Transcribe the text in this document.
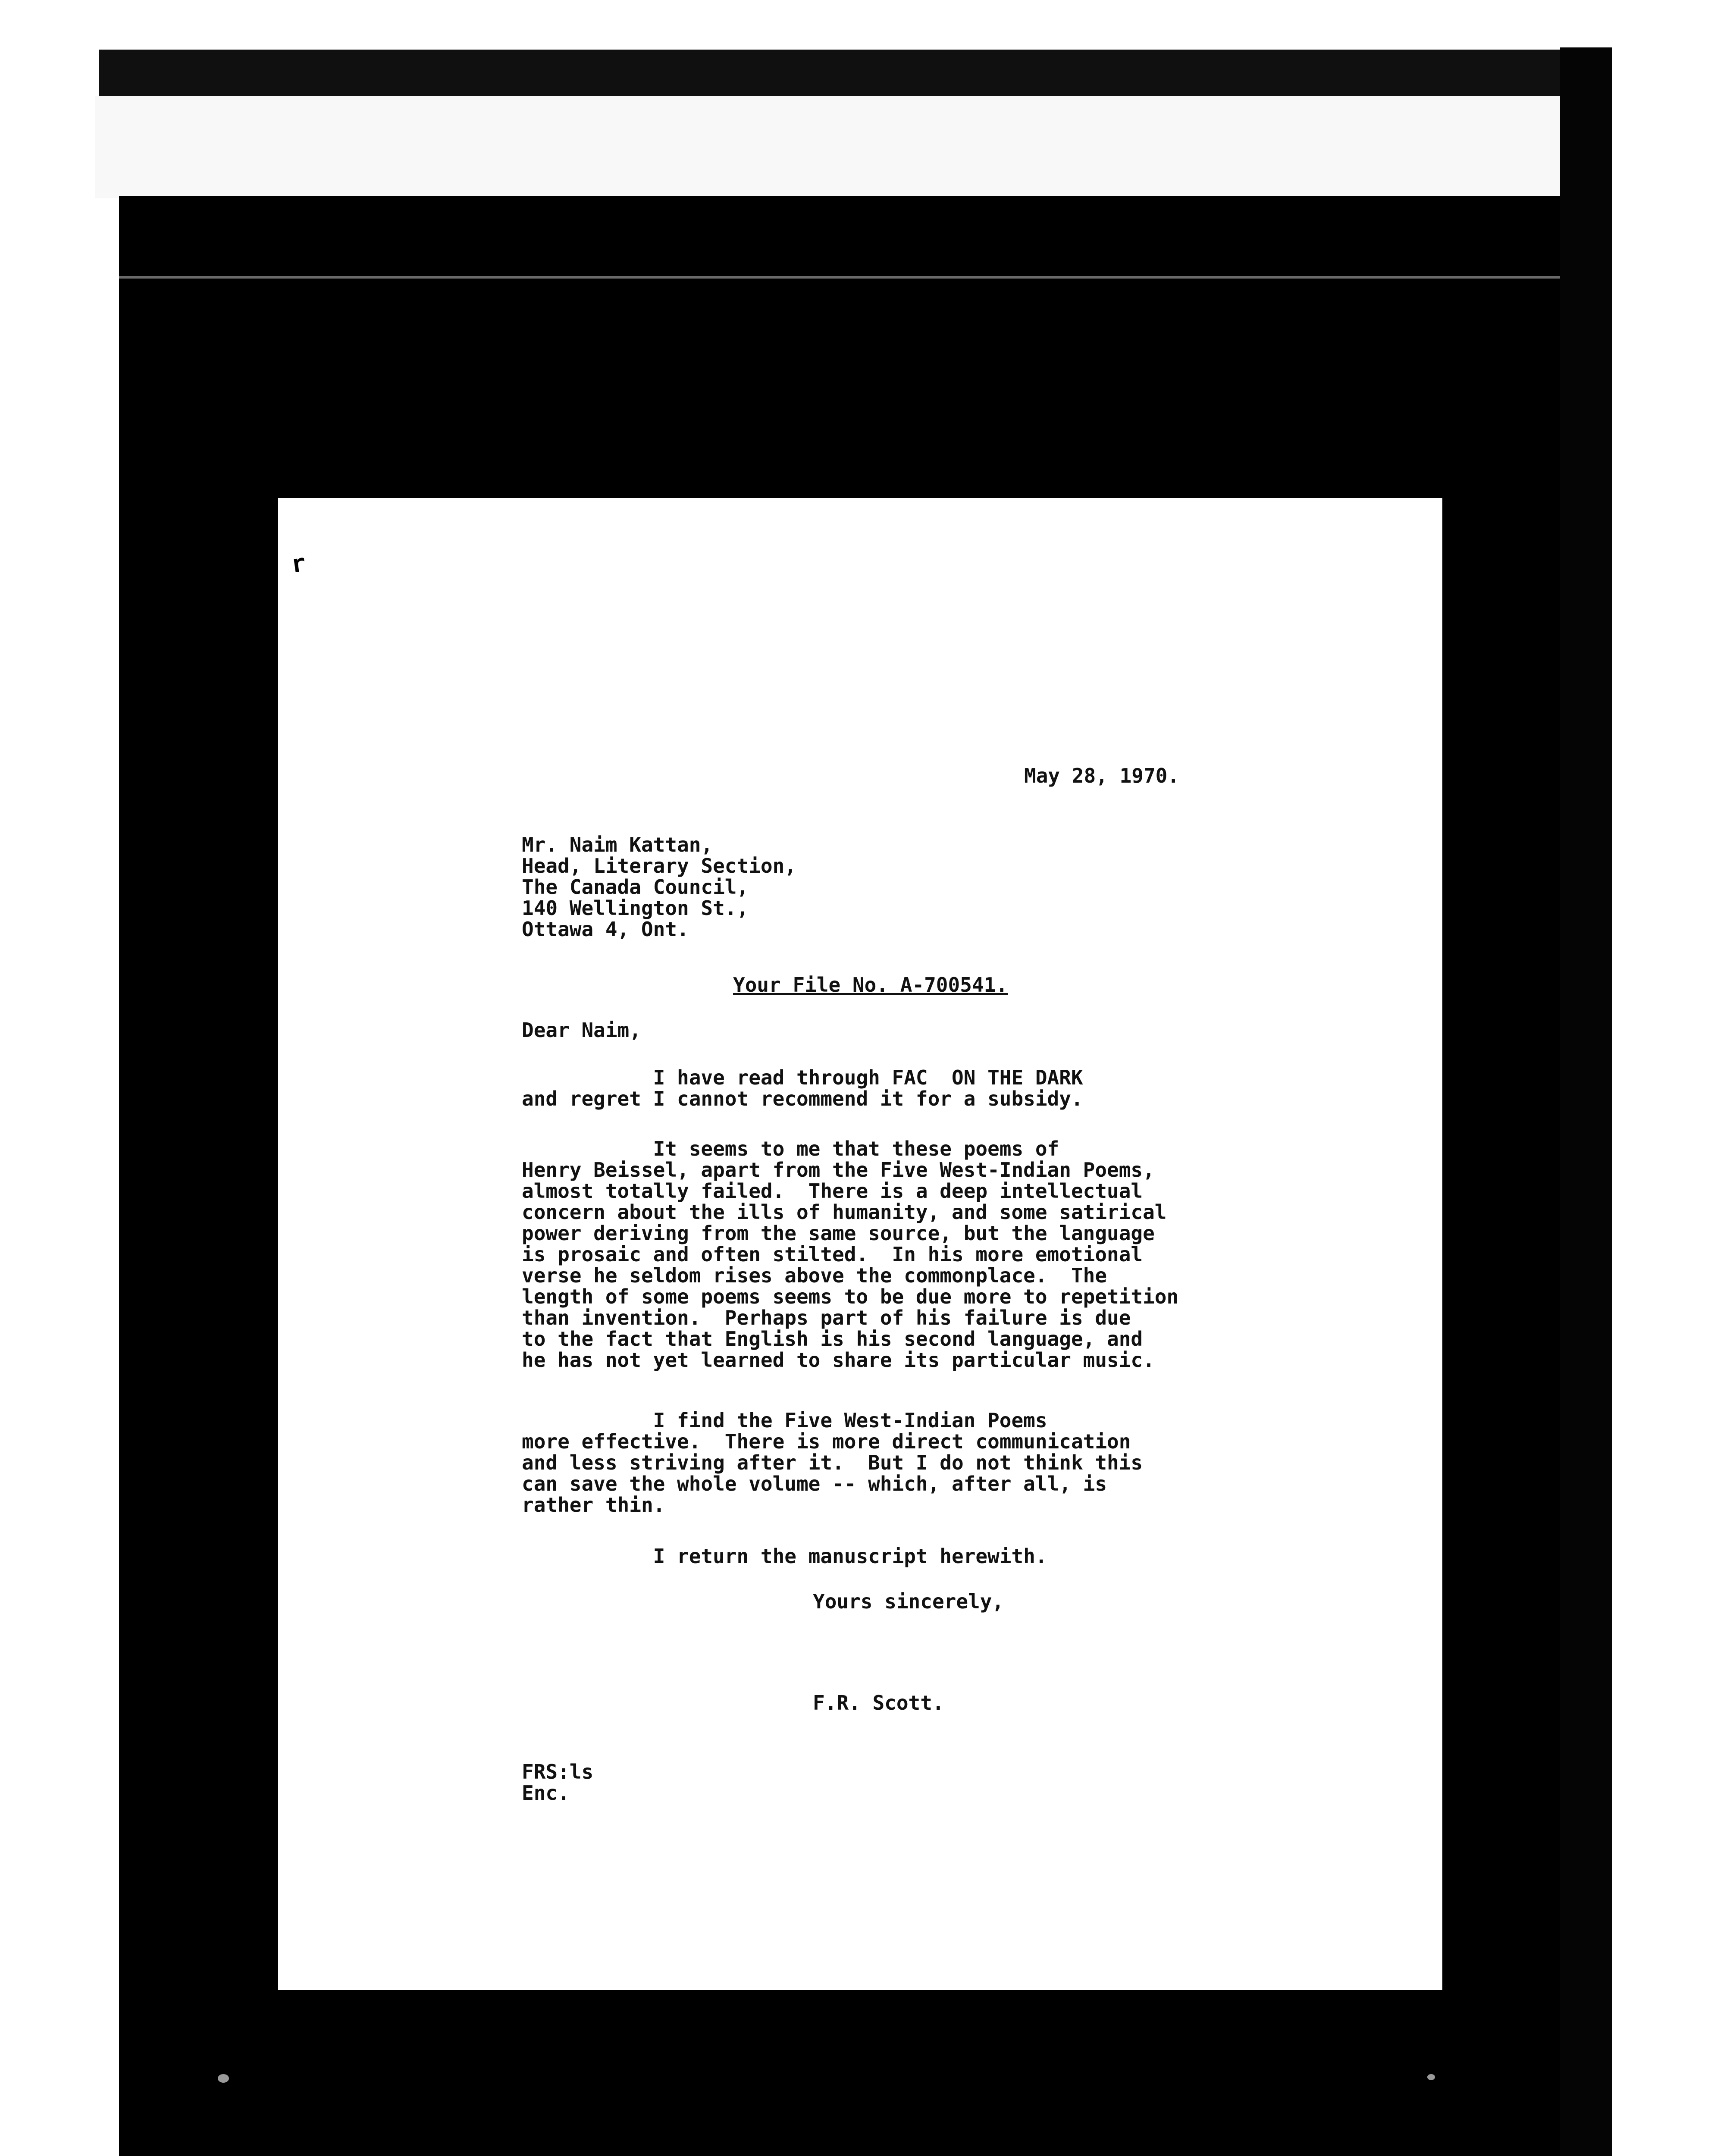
r
May 28, 1970.
Mr. Naim Kattan,
Head, Literary Section,
The Canada Council,
140 Wellington St.,
Ottawa 4, Ont.
Your File No. A-700541.
Dear Naim,
I have read through FAC  ON THE DARK
and regret I cannot recommend it for a subsidy.
It seems to me that these poems of
Henry Beissel, apart from the Five West-Indian Poems,
almost totally failed.  There is a deep intellectual
concern about the ills of humanity, and some satirical
power deriving from the same source, but the language
is prosaic and often stilted.  In his more emotional
verse he seldom rises above the commonplace.  The
length of some poems seems to be due more to repetition
than invention.  Perhaps part of his failure is due
to the fact that English is his second language, and
he has not yet learned to share its particular music.
I find the Five West-Indian Poems
more effective.  There is more direct communication
and less striving after it.  But I do not think this
can save the whole volume -- which, after all, is
rather thin.
I return the manuscript herewith.
Yours sincerely,
F.R. Scott.
FRS:ls
Enc.
